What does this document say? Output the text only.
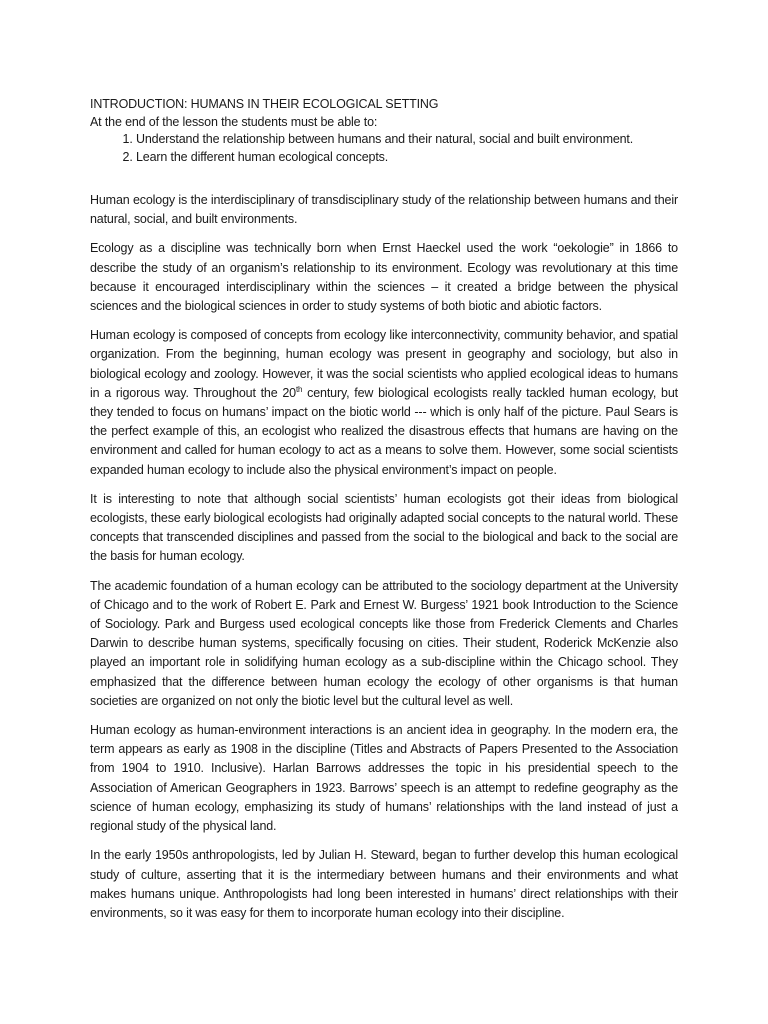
INTRODUCTION: HUMANS IN THEIR ECOLOGICAL SETTING
At the end of the lesson the students must be able to:
1. Understand the relationship between humans and their natural, social and built environment.
2. Learn the different human ecological concepts.

Human ecology is the interdisciplinary of transdisciplinary study of the relationship between humans and their natural, social, and built environments.

Ecology as a discipline was technically born when Ernst Haeckel used the work “oekologie” in 1866 to describe the study of an organism’s relationship to its environment. Ecology was revolutionary at this time because it encouraged interdisciplinary within the sciences – it created a bridge between the physical sciences and the biological sciences in order to study systems of both biotic and abiotic factors.

Human ecology is composed of concepts from ecology like interconnectivity, community behavior, and spatial organization. From the beginning, human ecology was present in geography and sociology, but also in biological ecology and zoology. However, it was the social scientists who applied ecological ideas to humans in a rigorous way. Throughout the 20th century, few biological ecologists really tackled human ecology, but they tended to focus on humans’ impact on the biotic world --- which is only half of the picture. Paul Sears is the perfect example of this, an ecologist who realized the disastrous effects that humans are having on the environment and called for human ecology to act as a means to solve them. However, some social scientists expanded human ecology to include also the physical environment’s impact on people.

It is interesting to note that although social scientists’ human ecologists got their ideas from biological ecologists, these early biological ecologists had originally adapted social concepts to the natural world. These concepts that transcended disciplines and passed from the social to the biological and back to the social are the basis for human ecology.

The academic foundation of a human ecology can be attributed to the sociology department at the University of Chicago and to the work of Robert E. Park and Ernest W. Burgess’ 1921 book Introduction to the Science of Sociology. Park and Burgess used ecological concepts like those from Frederick Clements and Charles Darwin to describe human systems, specifically focusing on cities. Their student, Roderick McKenzie also played an important role in solidifying human ecology as a sub-discipline within the Chicago school. They emphasized that the difference between human ecology the ecology of other organisms is that human societies are organized on not only the biotic level but the cultural level as well.

Human ecology as human-environment interactions is an ancient idea in geography. In the modern era, the term appears as early as 1908 in the discipline (Titles and Abstracts of Papers Presented to the Association from 1904 to 1910. Inclusive). Harlan Barrows addresses the topic in his presidential speech to the Association of American Geographers in 1923. Barrows’ speech is an attempt to redefine geography as the science of human ecology, emphasizing its study of humans’ relationships with the land instead of just a regional study of the physical land.

In the early 1950s anthropologists, led by Julian H. Steward, began to further develop this human ecological study of culture, asserting that it is the intermediary between humans and their environments and what makes humans unique. Anthropologists had long been interested in humans’ direct relationships with their environments, so it was easy for them to incorporate human ecology into their discipline.
